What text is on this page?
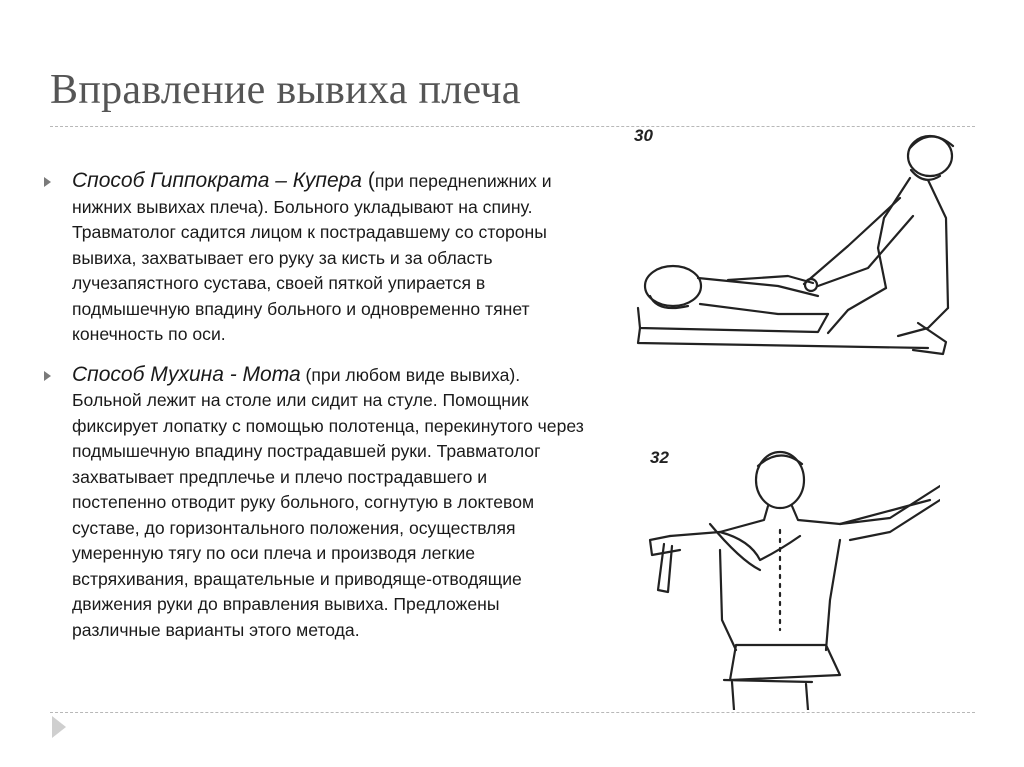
Вправление вывиха плеча
Способ Гиппократа – Купера (при переднenижних и нижних вывихах плеча). Больного укладывают на спину. Травматолог садится лицом к пострадавшему со стороны вывиха, захватывает его руку за кисть и за область лучезапястного сустава, своей пяткой упирается в подмышечную впадину больного и одновременно тянет конечность по оси.
Способ Мухина - Мота (при любом виде вывиха). Больной лежит на столе или сидит на стуле. Помощник фиксирует лопатку с помощью полотенца, перекинутого через подмышечную впадину пострадавшей руки. Травматолог захватывает предплечье и плечо пострадавшего и постепенно отводит руку больного, согнутую в локтевом суставе, до горизонтального положения, осуществляя умеренную тягу по оси плеча и производя легкие встряхивания, вращательные и приводяще-отводящие движения руки до вправления вывиха. Предложены различные варианты этого метода.
30
32
